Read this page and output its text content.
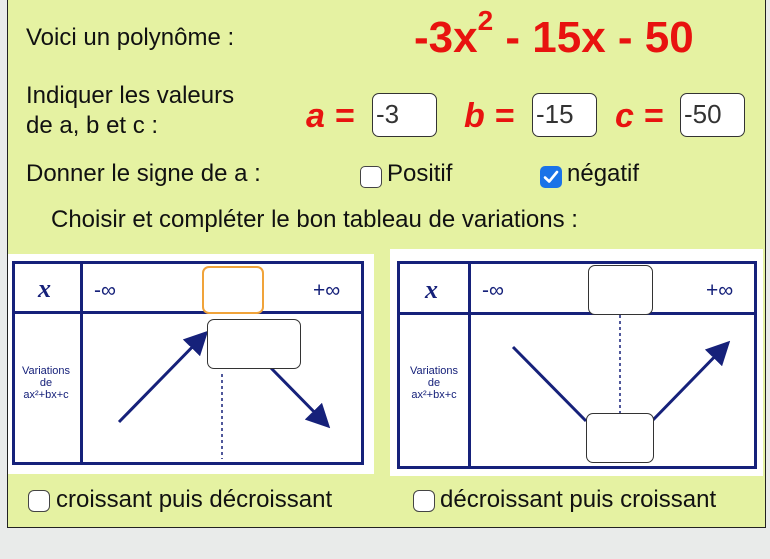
Voici un polynôme :	$-3x^2 - 15x - 50$
Indiquer les valeurs
de a, b et c :	a = -3	b = -15	c = -50
Donner le signe de a :	Positif	négatif
Choisir et compléter le bon tableau de variations :
x -∞	+∞
Variations
de
ax²+bx+c
x -∞	+∞
Variations
de
ax²+bx+c
croissant puis décroissant	décroissant puis croissant
